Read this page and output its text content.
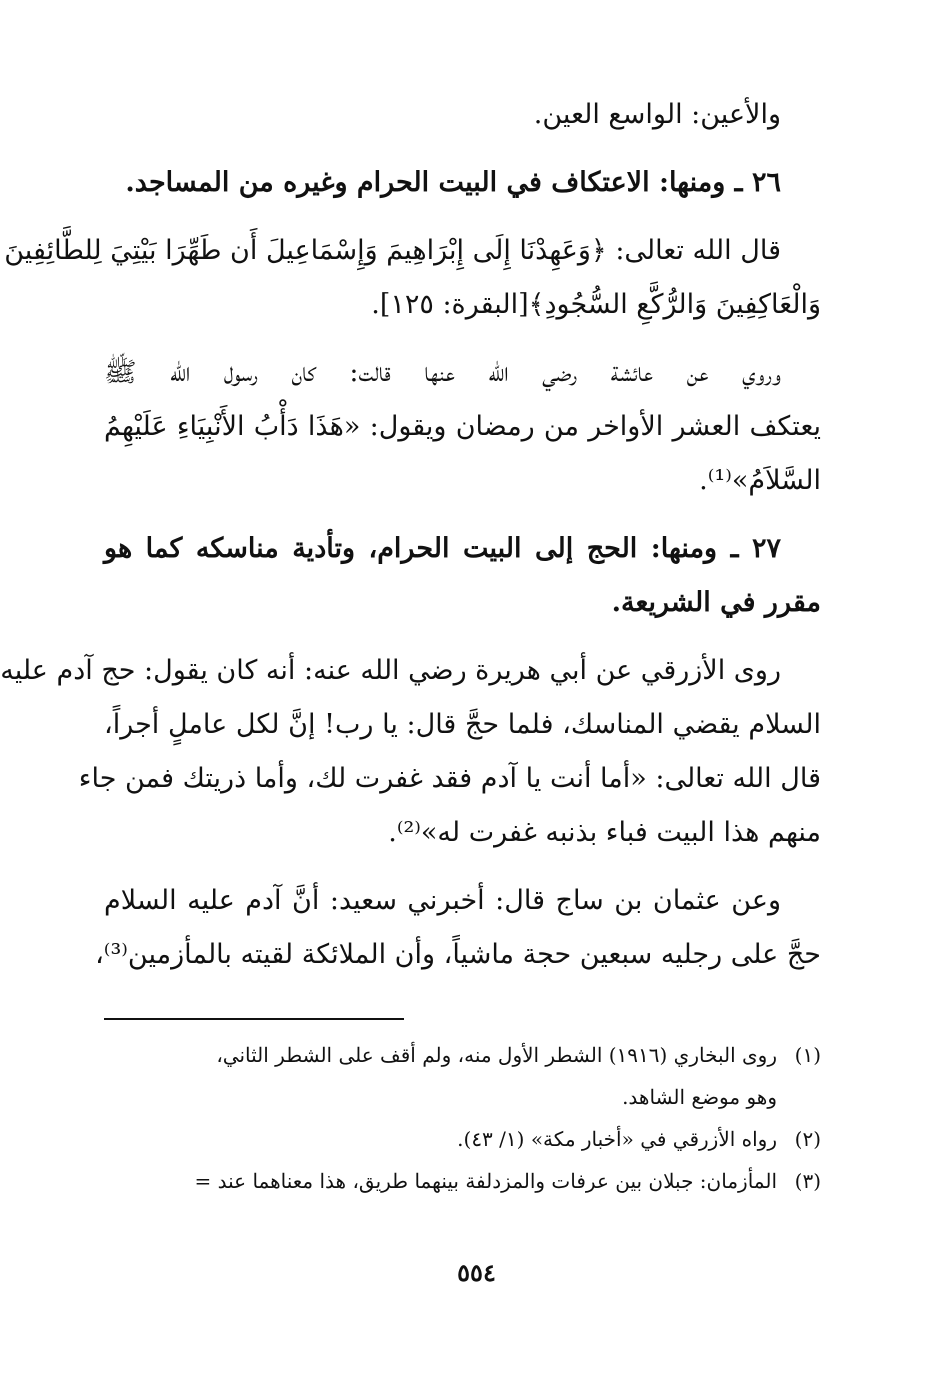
والأعين: الواسع العين.
٢٦ ـ ومنها: الاعتكاف في البيت الحرام وغيره من المساجد.
قال الله تعالى: ﴿وَعَهِدْنَا إِلَى إِبْرَاهِيمَ وَإِسْمَاعِيلَ أَن طَهِّرَا بَيْتِيَ لِلطَّائِفِينَ
وَالْعَاكِفِينَ وَالرُّكَّعِ السُّجُودِ﴾[البقرة: ١٢٥].
وروي عن عائشة رضي الله عنها قالت: كان رسول الله ﷺ
يعتكف العشر الأواخر من رمضان ويقول: «هَذَا دَأْبُ الأَنْبِيَاءِ عَلَيْهِمُ
السَّلاَمُ»⁽¹⁾.
٢٧ ـ ومنها: الحج إلى البيت الحرام، وتأدية مناسكه كما هو
مقرر في الشريعة.
روى الأزرقي عن أبي هريرة رضي الله عنه: أنه كان يقول: حج آدم عليه
السلام يقضي المناسك، فلما حجَّ قال: يا رب! إنَّ لكل عاملٍ أجراً،
قال الله تعالى: «أما أنت يا آدم فقد غفرت لك، وأما ذريتك فمن جاء
منهم هذا البيت فباء بذنبه غفرت له»⁽²⁾.
وعن عثمان بن ساج قال: أخبرني سعيد: أنَّ آدم عليه السلام
حجَّ على رجليه سبعين حجة ماشياً، وأن الملائكة لقيته بالمأزمين⁽³⁾،
(١)روى البخاري (١٩١٦) الشطر الأول منه، ولم أقف على الشطر الثاني،
وهو موضع الشاهد.
(٢)رواه الأزرقي في «أخبار مكة» (١/ ٤٣).
(٣)المأزمان: جبلان بين عرفات والمزدلفة بينهما طريق، هذا معناهما عند =
٥٥٤
